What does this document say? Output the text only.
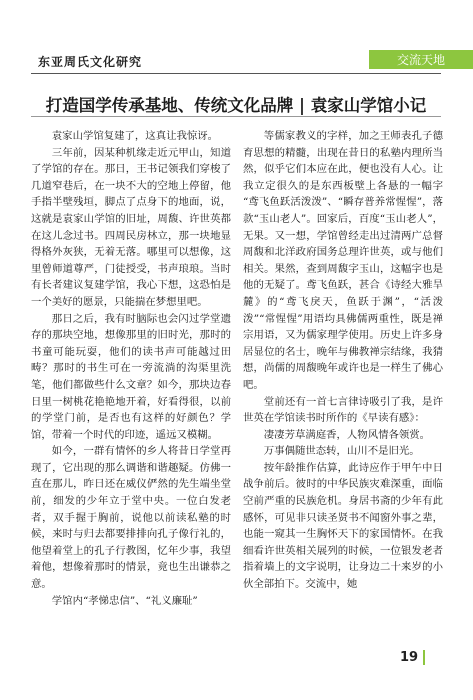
东亚周氏文化研究	交流天地
打造国学传承基地、传统文化品牌 | 袁家山学馆小记

袁家山学馆复建了，这真让我惊讶。

三年前，因某种机缘走近元甲山，知道了学馆的存在。那日，王书记领我们穿梭了几道窄巷后，在一块不大的空地上停留，他手指半壁残垣，脚点了点身下的地面，说，这就是袁家山学馆的旧址，周馥、许世英都在这儿念过书。四周民房林立，那一块地显得格外灰狭，无着无落。哪里可以想像，这里曾师道尊严，门徒授受，书声琅琅。当时有长者建议复建学馆，我心下想，这恐怕是一个美好的愿景，只能揣在梦想里吧。

那日之后，我有时脑际也会闪过学堂遗存的那块空地，想像那里的旧时光，那时的书童可能玩耍，他们的读书声可能越过田畴？那时的书生可在一旁流淌的沟渠里洗笔，他们都做些什么文章？如今，那块边春日里一树桃花艳艳地开着，好看得很，以前的学堂门前，是否也有这样的好颜色？学馆，带着一个时代的印迹，遥远又模糊。

如今，一群有情怀的乡人将昔日学堂再现了，它出现的那么调谐和谐趣疑。仿佛一直在那儿，昨日还在威仪俨然的先生端坐堂前，细发的少年立于堂中央。一位白发老者，双手握于胸前，说他以前读私塾的时候，来时与归去都要排排向孔子像行礼的，他望着堂上的孔子行教图，忆年少事，我望着他，想像着那时的情景，竟也生出谦恭之意。

学馆内“孝悌忠信”、“礼义廉耻”

等儒家教义的字样，加之王师表孔子德育思想的精髓，出现在昔日的私塾内理所当然，似乎它们本应在此，便也没有人心。让我立定很久的是东西板壁上各悬的一幅字 “鸢飞鱼跃活泼泼”、“瞬存普养常惺惺”，落款“玉山老人”。回家后，百度“玉山老人”，无果。又一想，学馆曾经走出过清两广总督周馥和北洋政府国务总理许世英，或与他们相关。果然，查到周馥字玉山，这幅字也是他的无疑了。鸢飞鱼跃，甚合《诗经大雅旱麓》的“鸢飞戾天，鱼跃于渊”，“活泼泼”“常惺惺”用语均具佛儒两重性，既是禅宗用语，又为儒家理学使用。历史上许多身居显位的名士，晚年与佛教禅宗结缘，我猜想，尚儒的周馥晚年或许也是一样生了佛心吧。

堂前还有一首七言律诗吸引了我，是许世英在学馆读书时所作的《早读有感》：

凄凄芳草满庭香，人物风情各领赏。

万事偶随世态转，山川不是旧光。

按年龄推作估算，此诗应作于甲午中日战争前后。彼时的中华民族灾难深重，面临空前严重的民族危机。身居书斋的少年有此感怀，可见非只读圣贤书不闻窗外事之辈，也能一窥其一生胸怀天下的家国情怀。在我细看许世英相关展列的时候，一位银发老者指着墙上的文字说明，让身边二十来岁的小伙全部拍下。交流中，她

19
